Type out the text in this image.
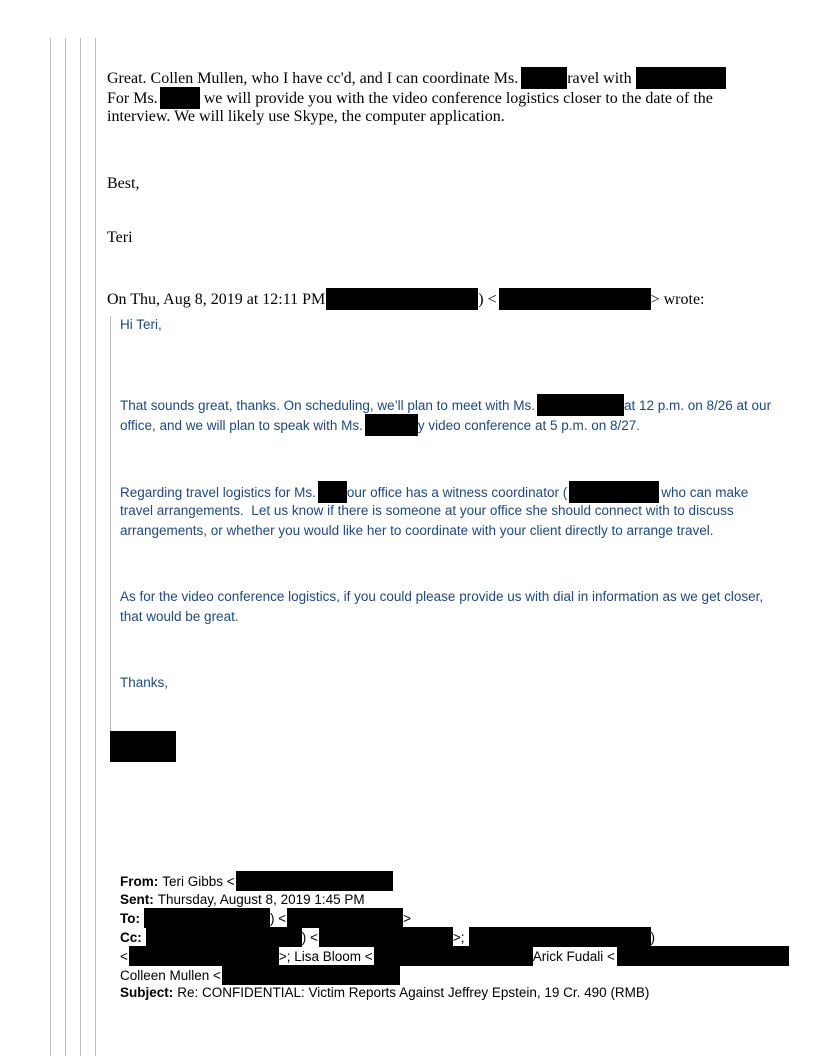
Great. Collen Mullen, who I have cc'd, and I can coordinate Ms.	ravel with
For Ms.	we will provide you with the video conference logistics closer to the date of the
interview. We will likely use Skype, the computer application.
Best,
Teri
On Thu, Aug 8, 2019 at 12:11 PM	) <	> wrote:
Hi Teri,
That sounds great, thanks. On scheduling, we’ll plan to meet with Ms.	at 12 p.m. on 8/26 at our
office, and we will plan to speak with Ms.	y video conference at 5 p.m. on 8/27.
Regarding travel logistics for Ms. our office has a witness coordinator (	who can make
travel arrangements.  Let us know if there is someone at your office she should connect with to discuss
arrangements, or whether you would like her to coordinate with your client directly to arrange travel.
As for the video conference logistics, if you could please provide us with dial in information as we get closer,
that would be great.
Thanks,
From: Teri Gibbs <
Sent: Thursday, August 8, 2019 1:45 PM
To:	) <	>
Cc:	) <	>;	)
<	>; Lisa Bloom <	Arick Fudali <
Colleen Mullen <
Subject: Re: CONFIDENTIAL: Victim Reports Against Jeffrey Epstein, 19 Cr. 490 (RMB)
